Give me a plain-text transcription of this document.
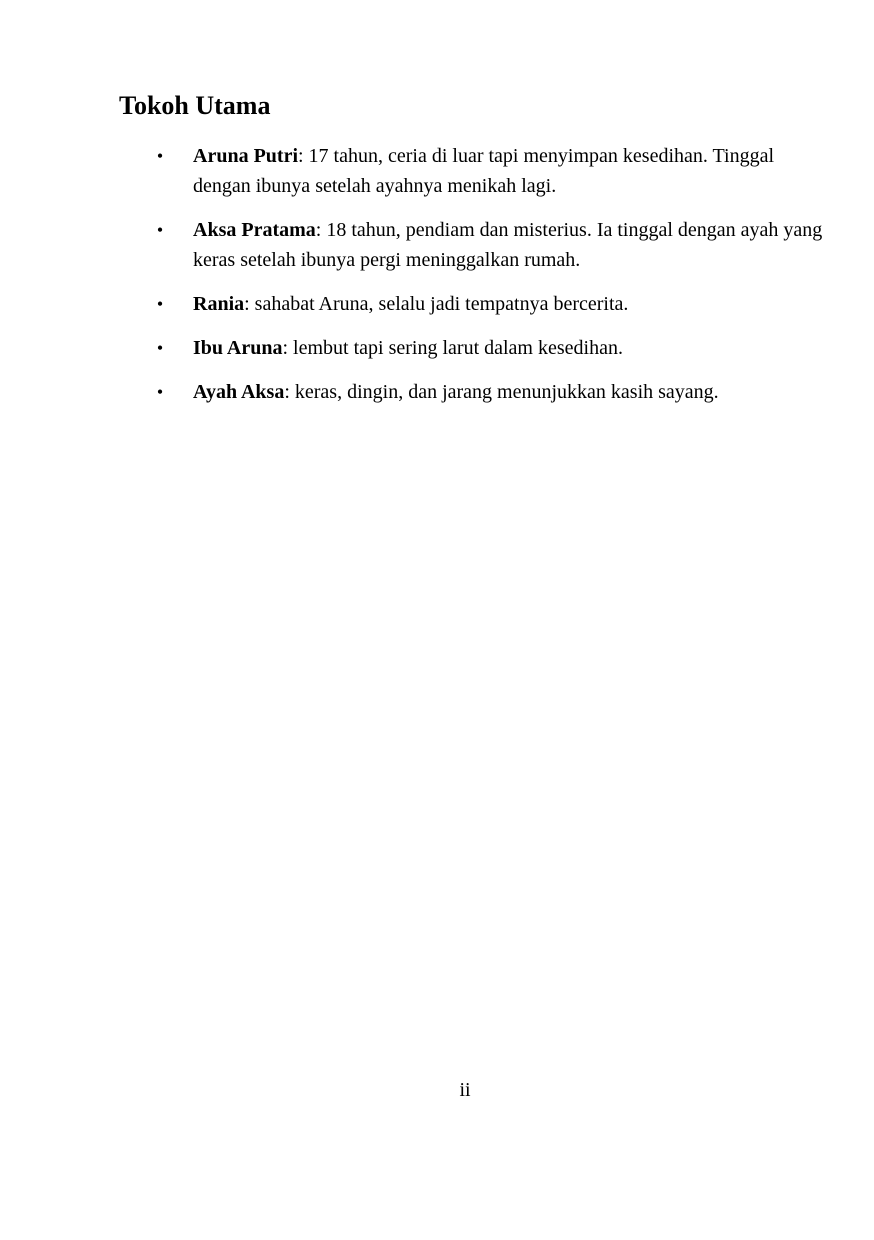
Tokoh Utama
• Aruna Putri: 17 tahun, ceria di luar tapi menyimpan kesedihan. Tinggal dengan ibunya setelah ayahnya menikah lagi.
• Aksa Pratama: 18 tahun, pendiam dan misterius. Ia tinggal dengan ayah yang keras setelah ibunya pergi meninggalkan rumah.
• Rania: sahabat Aruna, selalu jadi tempatnya bercerita.
• Ibu Aruna: lembut tapi sering larut dalam kesedihan.
• Ayah Aksa: keras, dingin, dan jarang menunjukkan kasih sayang.
ii
